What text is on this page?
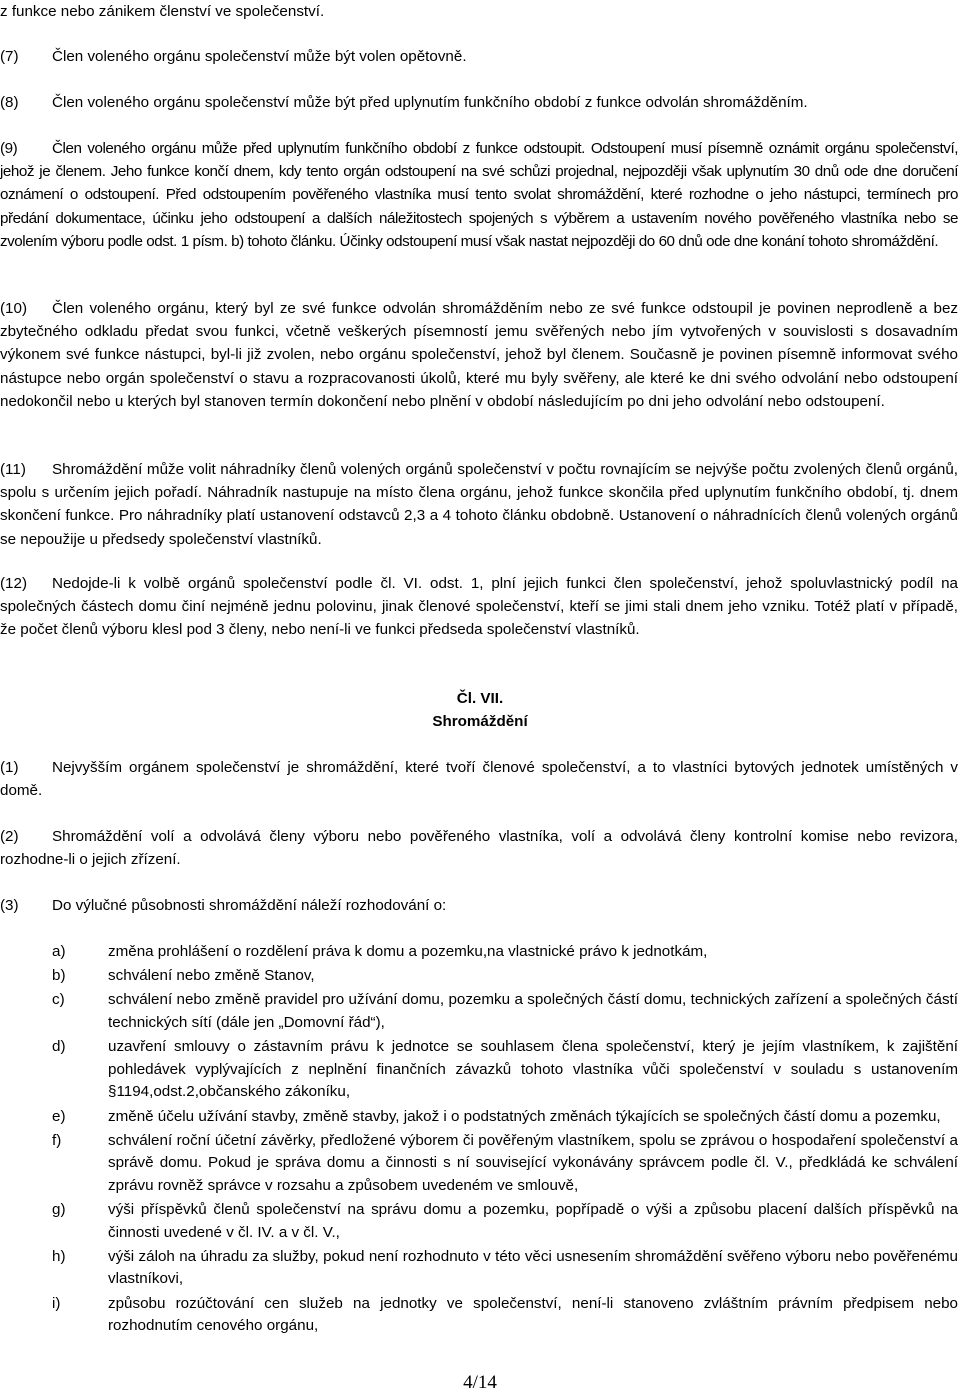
z funkce nebo zánikem členství ve společenství.

(7) Člen voleného orgánu společenství může být volen opětovně.

(8) Člen voleného orgánu společenství může být před uplynutím funkčního období z funkce odvolán shromážděním.

(9) Člen voleného orgánu může před uplynutím funkčního období z funkce odstoupit. Odstoupení musí písemně oznámit orgánu společenství, jehož je členem. Jeho funkce končí dnem, kdy tento orgán odstoupení na své schůzi projednal, nejpozději však uplynutím 30 dnů ode dne doručení oznámení o odstoupení. Před odstoupením pověřeného vlastníka musí tento svolat shromáždění, které rozhodne o jeho nástupci, termínech pro předání dokumentace, účinku jeho odstoupení a dalších náležitostech spojených s výběrem a ustavením nového pověřeného vlastníka nebo se zvolením výboru podle odst. 1 písm. b) tohoto článku. Účinky odstoupení musí však nastat nejpozději do 60 dnů ode dne konání tohoto shromáždění.

(10) Člen voleného orgánu, který byl ze své funkce odvolán shromážděním nebo ze své funkce odstoupil je povinen neprodleně a bez zbytečného odkladu předat svou funkci, včetně veškerých písemností jemu svěřených nebo jím vytvořených v souvislosti s dosavadním výkonem své funkce nástupci, byl-li již zvolen, nebo orgánu společenství, jehož byl členem. Současně je povinen písemně informovat svého nástupce nebo orgán společenství o stavu a rozpracovanosti úkolů, které mu byly svěřeny, ale které ke dni svého odvolání nebo odstoupení nedokončil nebo u kterých byl stanoven termín dokončení nebo plnění v období následujícím po dni jeho odvolání nebo odstoupení.

(11) Shromáždění může volit náhradníky členů volených orgánů společenství v počtu rovnajícím se nejvýše počtu zvolených členů orgánů, spolu s určením jejich pořadí. Náhradník nastupuje na místo člena orgánu, jehož funkce skončila před uplynutím funkčního období, tj. dnem skončení funkce. Pro náhradníky platí ustanovení odstavců 2,3 a 4 tohoto článku obdobně. Ustanovení o náhradnících členů volených orgánů se nepoužije u předsedy společenství vlastníků.

(12) Nedojde-li k volbě orgánů společenství podle čl. VI. odst. 1, plní jejich funkci člen společenství, jehož spoluvlastnický podíl na společných částech domu činí nejméně jednu polovinu, jinak členové společenství, kteří se jimi stali dnem jeho vzniku. Totéž platí v případě, že počet členů výboru klesl pod 3 členy, nebo není-li ve funkci předseda společenství vlastníků.

Čl. VII.
Shromáždění

(1) Nejvyšším orgánem společenství je shromáždění, které tvoří členové společenství, a to vlastníci bytových jednotek umístěných v domě.

(2) Shromáždění volí a odvolává členy výboru nebo pověřeného vlastníka, volí a odvolává členy kontrolní komise nebo revizora, rozhodne-li o jejich zřízení.

(3) Do výlučné působnosti shromáždění náleží rozhodování o:

a)	změna prohlášení o rozdělení práva k domu a pozemku,na vlastnické právo k jednotkám,
b)	schválení nebo změně Stanov,
c)	schválení nebo změně pravidel pro užívání domu, pozemku a společných částí domu, technických zařízení a společných částí technických sítí (dále jen „Domovní řád“),
d)	uzavření smlouvy o zástavním právu k jednotce se souhlasem člena společenství, který je jejím vlastníkem, k zajištění pohledávek vyplývajících z neplnění finančních závazků tohoto vlastníka vůči společenství v souladu s ustanovením §1194,odst.2,občanského zákoníku,
e)	změně účelu užívání stavby, změně stavby, jakož i o podstatných změnách týkajících se společných částí domu a pozemku,
f)	schválení roční účetní závěrky, předložené výborem či pověřeným vlastníkem, spolu se zprávou o hospodaření společenství a správě domu. Pokud je správa domu a činnosti s ní související vykonávány správcem podle čl. V., předkládá ke schválení zprávu rovněž správce v rozsahu a způsobem uvedeném ve smlouvě,
g)	výši příspěvků členů společenství na správu domu a pozemku, popřípadě o výši a způsobu placení dalších příspěvků na činnosti uvedené v čl. IV. a v čl. V.,
h)	výši záloh na úhradu za služby, pokud není rozhodnuto v této věci usnesením shromáždění svěřeno výboru nebo pověřenému vlastníkovi,
i)	způsobu rozúčtování cen služeb na jednotky ve společenství, není-li stanoveno zvláštním právním předpisem nebo rozhodnutím cenového orgánu,
4/14
